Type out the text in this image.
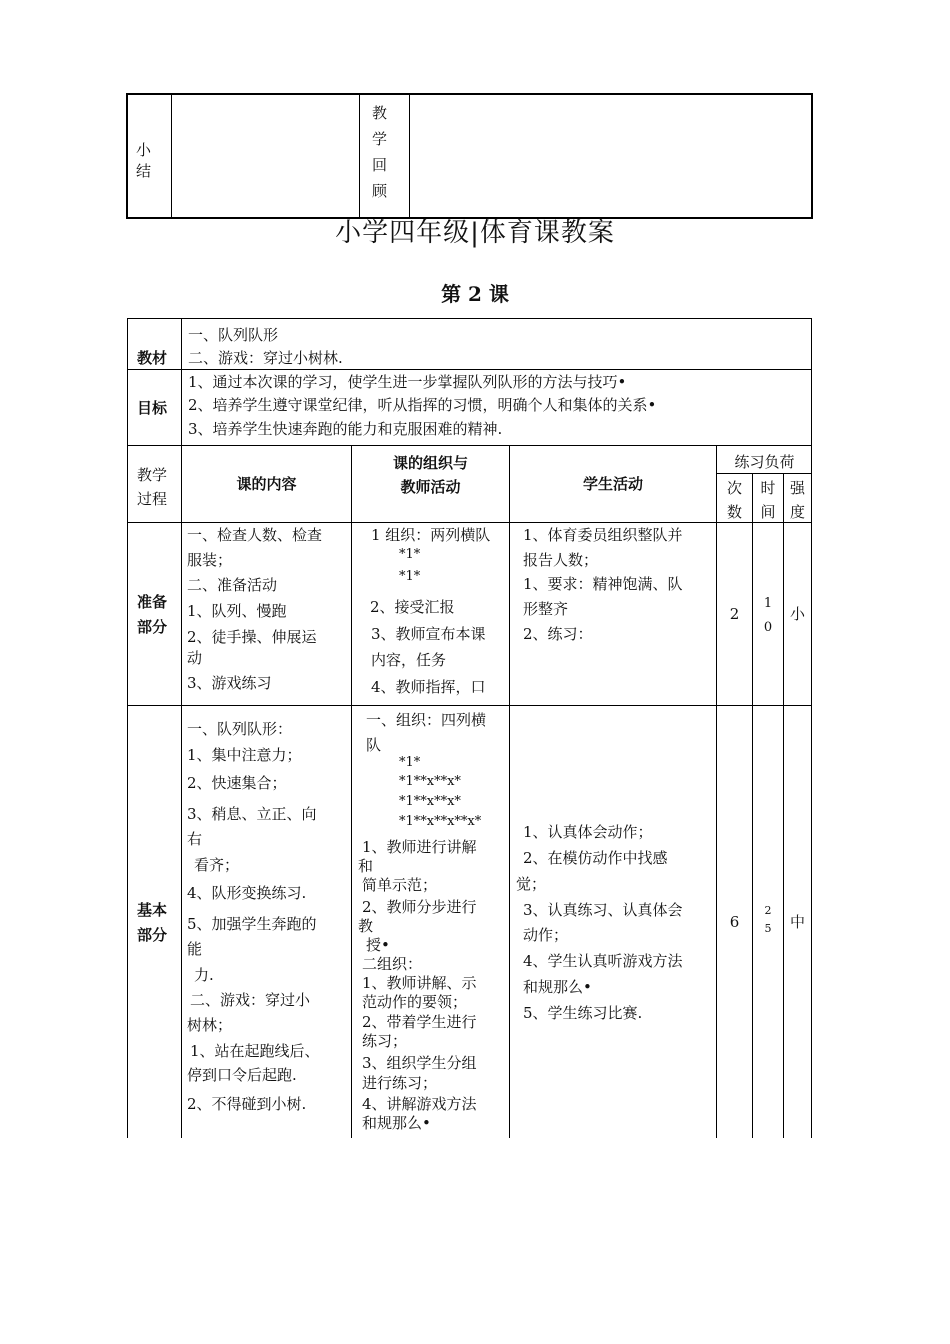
小
结
教
学
回
顾
小学四年级|体育课教案
第 2 课
教材
一、队列队形
二、游戏：穿过小树林.
目标
1、通过本次课的学习，使学生进一步掌握队列队形的方法与技巧•
2、培养学生遵守课堂纪律，听从指挥的习惯，明确个人和集体的关系•
3、培养学生快速奔跑的能力和克服困难的精神.
教学
过程
课的内容
课的组织与
教师活动	学生活动
练习负荷
次
数
时
间
强
度
准备
部分
一、检查人数、检查
服装；
二、准备活动
1、队列、慢跑
2、徒手操、伸展运
动
3、游戏练习
1 组织：两列横队
*1*
*1*
2、接受汇报
3、教师宣布本课
内容，任务
4、教师指挥，口
1、体育委员组织整队并
报告人数；
1、要求：精神饱满、队
形整齐
2、练习：
2
1
0
小
基本
部分
一、队列队形：
1、集中注意力；
2、快速集合；
3、稍息、立正、向
右
看齐；
4、队形变换练习.
5、加强学生奔跑的
能
力.
二、游戏：穿过小
树林；
1、站在起跑线后、
停到口令后起跑.
2、不得碰到小树.
一、组织：四列横
队
*1*
*1**x**x*
*1**x**x*
*1**x**x**x*
1、教师进行讲解
和
简单示范；
2、教师分步进行
教
授•
二组织：
1、教师讲解、示
范动作的要领；
2、带着学生进行
练习；
3、组织学生分组
进行练习；
4、讲解游戏方法
和规那么•
1、认真体会动作；
2、在模仿动作中找感
觉；
3、认真练习、认真体会
动作；
4、学生认真听游戏方法
和规那么•
5、学生练习比赛.
6
2
5	中
